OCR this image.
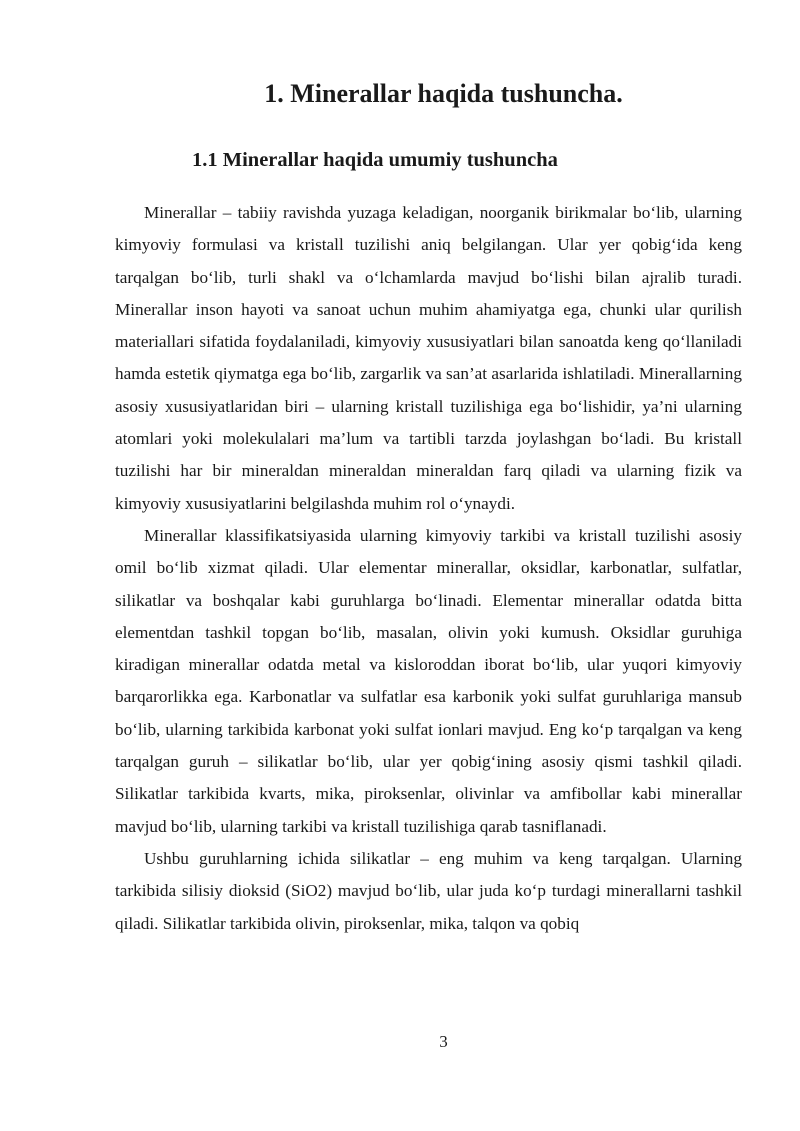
1. Minerallar haqida tushuncha.
1.1 Minerallar haqida umumiy tushuncha

Minerallar – tabiiy ravishda yuzaga keladigan, noorganik birikmalar bo‘lib, ularning kimyoviy formulasi va kristall tuzilishi aniq belgilangan. Ular yer qobig‘ida keng tarqalgan bo‘lib, turli shakl va o‘lchamlarda mavjud bo‘lishi bilan ajralib turadi. Minerallar inson hayoti va sanoat uchun muhim ahamiyatga ega, chunki ular qurilish materiallari sifatida foydalaniladi, kimyoviy xususiyatlari bilan sanoatda keng qo‘llaniladi hamda estetik qiymatga ega bo‘lib, zargarlik va san’at asarlarida ishlatiladi. Minerallarning asosiy xususiyatlaridan biri – ularning kristall tuzilishiga ega bo‘lishidir, ya’ni ularning atomlari yoki molekulalari ma’lum va tartibli tarzda joylashgan bo‘ladi. Bu kristall tuzilishi har bir mineraldan mineraldan mineraldan farq qiladi va ularning fizik va kimyoviy xususiyatlarini belgilashda muhim rol o‘ynaydi.

Minerallar klassifikatsiyasida ularning kimyoviy tarkibi va kristall tuzilishi asosiy omil bo‘lib xizmat qiladi. Ular elementar minerallar, oksidlar, karbonatlar, sulfatlar, silikatlar va boshqalar kabi guruhlarga bo‘linadi. Elementar minerallar odatda bitta elementdan tashkil topgan bo‘lib, masalan, olivin yoki kumush. Oksidlar guruhiga kiradigan minerallar odatda metal va kisloroddan iborat bo‘lib, ular yuqori kimyoviy barqarorlikka ega. Karbonatlar va sulfatlar esa karbonik yoki sulfat guruhlariga mansub bo‘lib, ularning tarkibida karbonat yoki sulfat ionlari mavjud. Eng ko‘p tarqalgan va keng tarqalgan guruh – silikatlar bo‘lib, ular yer qobig‘ining asosiy qismi tashkil qiladi. Silikatlar tarkibida kvarts, mika, piroksenlar, olivinlar va amfibollar kabi minerallar mavjud bo‘lib, ularning tarkibi va kristall tuzilishiga qarab tasniflanadi.

Ushbu guruhlarning ichida silikatlar – eng muhim va keng tarqalgan. Ularning tarkibida silisiy dioksid (SiO2) mavjud bo‘lib, ular juda ko‘p turdagi minerallarni tashkil qiladi. Silikatlar tarkibida olivin, piroksenlar, mika, talqon va qobiq

3
